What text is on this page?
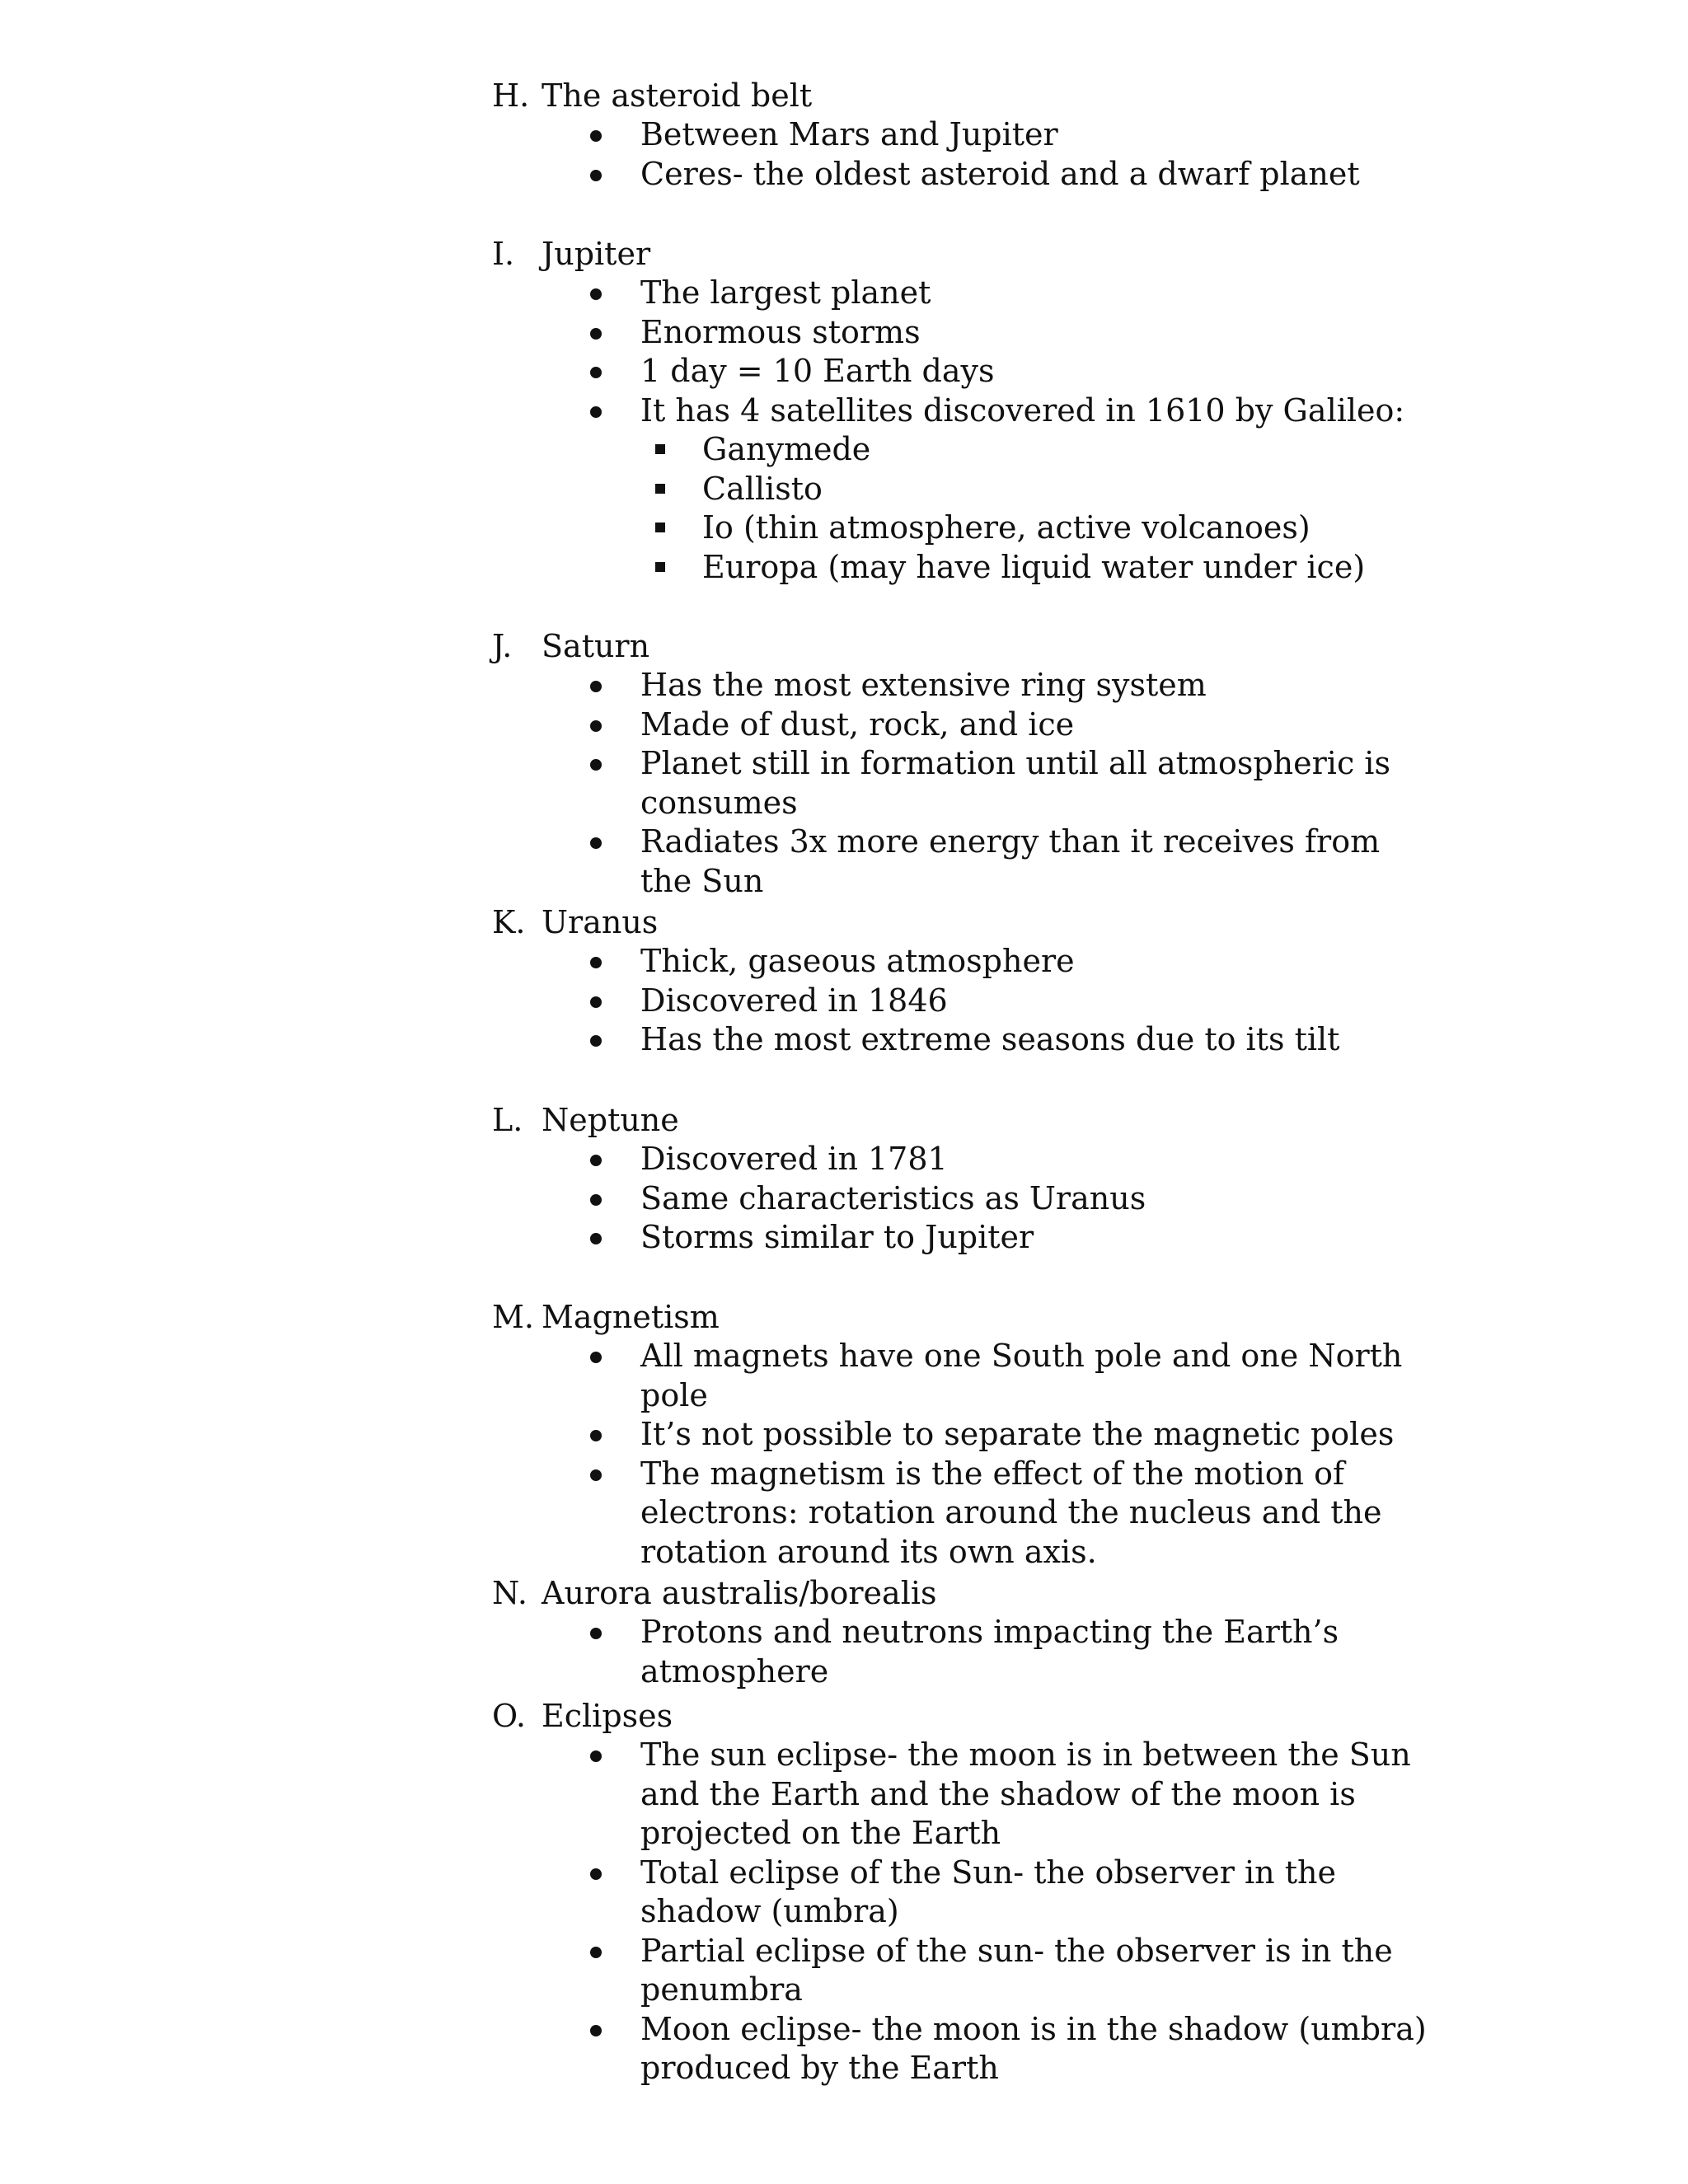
H. The asteroid belt
Between Mars and Jupiter
Ceres- the oldest asteroid and a dwarf planet
I. Jupiter
The largest planet
Enormous storms
1 day = 10 Earth days
It has 4 satellites discovered in 1610 by Galileo:
Ganymede
Callisto
Io (thin atmosphere, active volcanoes)
Europa (may have liquid water under ice)
J. Saturn
Has the most extensive ring system
Made of dust, rock, and ice
Planet still in formation until all atmospheric is consumes
Radiates 3x more energy than it receives from the Sun
K. Uranus
Thick, gaseous atmosphere
Discovered in 1846
Has the most extreme seasons due to its tilt
L. Neptune
Discovered in 1781
Same characteristics as Uranus
Storms similar to Jupiter
M. Magnetism
All magnets have one South pole and one North pole
It’s not possible to separate the magnetic poles
The magnetism is the effect of the motion of electrons: rotation around the nucleus and the rotation around its own axis.
N. Aurora australis/borealis
Protons and neutrons impacting the Earth’s atmosphere
O. Eclipses
The sun eclipse- the moon is in between the Sun and the Earth and the shadow of the moon is projected on the Earth
Total eclipse of the Sun- the observer in the shadow (umbra)
Partial eclipse of the sun- the observer is in the penumbra
Moon eclipse- the moon is in the shadow (umbra) produced by the Earth
